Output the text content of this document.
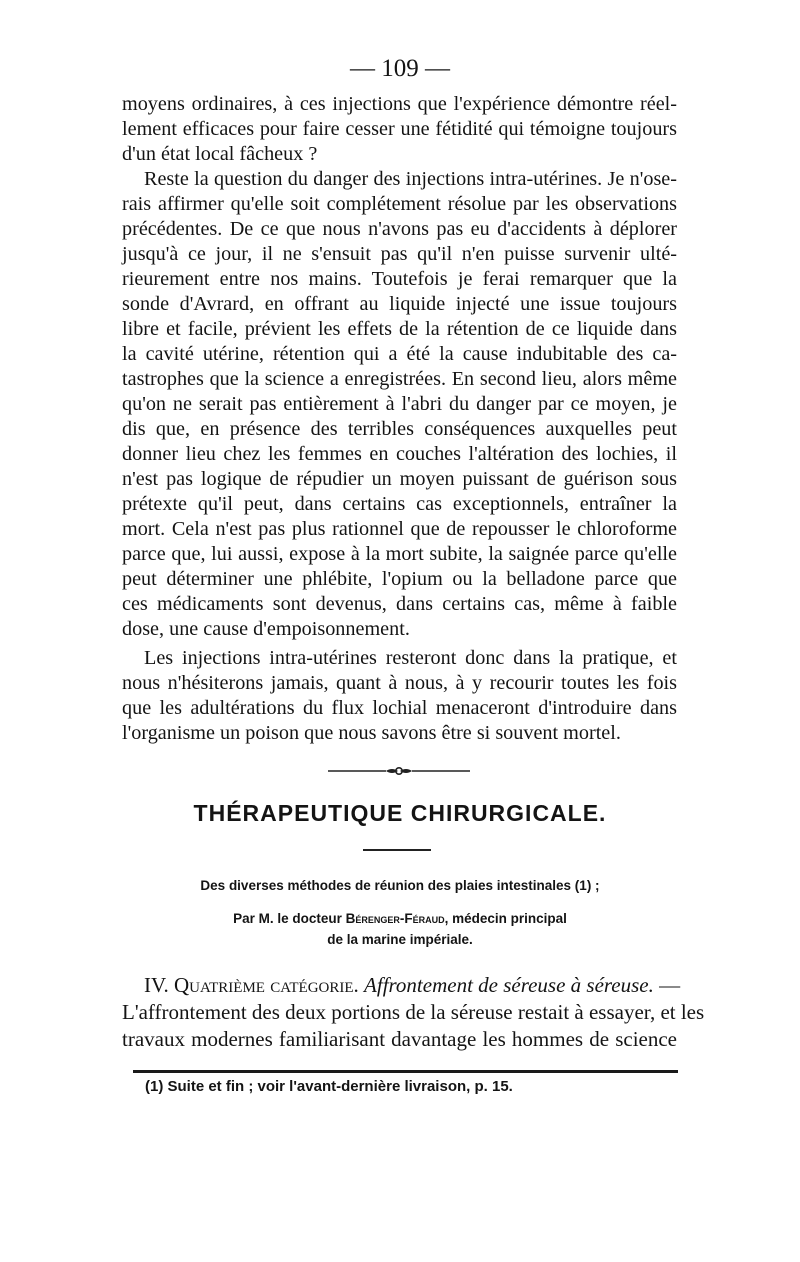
— 109 —
moyens ordinaires, à ces injections que l'expérience démontre réel-
lement efficaces pour faire cesser une fétidité qui témoigne toujours
d'un état local fâcheux ?
Reste la question du danger des injections intra-utérines. Je n'ose-
rais affirmer qu'elle soit complétement résolue par les observations
précédentes. De ce que nous n'avons pas eu d'accidents à déplorer
jusqu'à ce jour, il ne s'ensuit pas qu'il n'en puisse survenir ulté-
rieurement entre nos mains. Toutefois je ferai remarquer que la
sonde d'Avrard, en offrant au liquide injecté une issue toujours
libre et facile, prévient les effets de la rétention de ce liquide dans
la cavité utérine, rétention qui a été la cause indubitable des ca-
tastrophes que la science a enregistrées. En second lieu, alors même
qu'on ne serait pas entièrement à l'abri du danger par ce moyen, je
dis que, en présence des terribles conséquences auxquelles peut
donner lieu chez les femmes en couches l'altération des lochies, il
n'est pas logique de répudier un moyen puissant de guérison sous
prétexte qu'il peut, dans certains cas exceptionnels, entraîner la
mort. Cela n'est pas plus rationnel que de repousser le chloroforme
parce que, lui aussi, expose à la mort subite, la saignée parce qu'elle
peut déterminer une phlébite, l'opium ou la belladone parce que
ces médicaments sont devenus, dans certains cas, même à faible
dose, une cause d'empoisonnement.
Les injections intra-utérines resteront donc dans la pratique, et
nous n'hésiterons jamais, quant à nous, à y recourir toutes les fois
que les adultérations du flux lochial menaceront d'introduire dans
l'organisme un poison que nous savons être si souvent mortel.
THÉRAPEUTIQUE CHIRURGICALE.
Des diverses méthodes de réunion des plaies intestinales (1) ;
Par M. le docteur Bérenger-Féraud, médecin principal
de la marine impériale.
IV. Quatrième catégorie. Affrontement de séreuse à séreuse. —
L'affrontement des deux portions de la séreuse restait à essayer, et les
travaux modernes familiarisant davantage les hommes de science
(1) Suite et fin ; voir l'avant-dernière livraison, p. 15.
